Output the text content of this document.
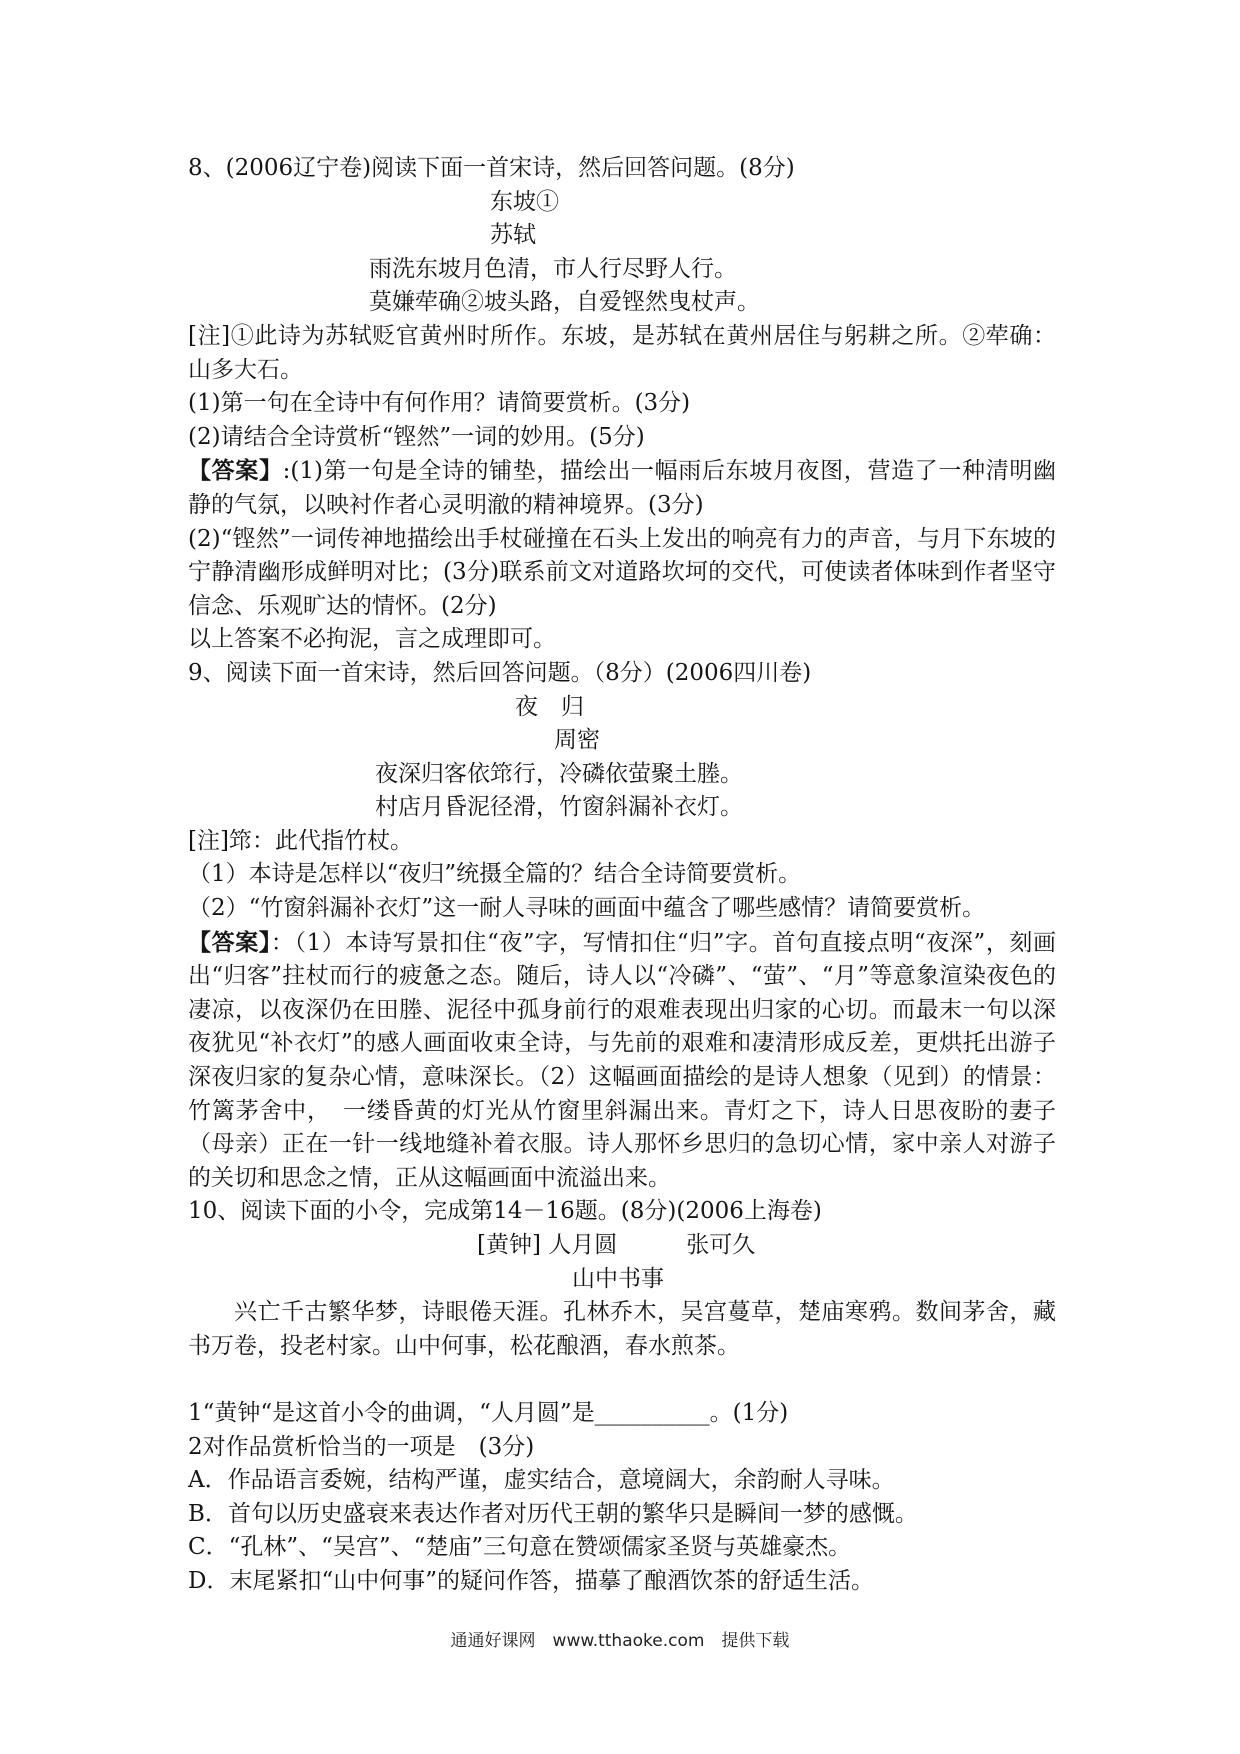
8、(2006辽宁卷)阅读下面一首宋诗，然后回答问题。(8分)
东坡①
苏轼
雨洗东坡月色清，市人行尽野人行。
莫嫌荦确②坡头路，自爱铿然曳杖声。
[注]①此诗为苏轼贬官黄州时所作。东坡，是苏轼在黄州居住与躬耕之所。②荦确：山多大石。
(1)第一句在全诗中有何作用？请简要赏析。(3分)
(2)请结合全诗赏析“铿然”一词的妙用。(5分)
【答案】:(1)第一句是全诗的铺垫，描绘出一幅雨后东坡月夜图，营造了一种清明幽静的气氛，以映衬作者心灵明澈的精神境界。(3分)
(2)“铿然”一词传神地描绘出手杖碰撞在石头上发出的响亮有力的声音，与月下东坡的宁静清幽形成鲜明对比；(3分)联系前文对道路坎坷的交代，可使读者体味到作者坚守信念、乐观旷达的情怀。(2分)
以上答案不必拘泥，言之成理即可。
9、阅读下面一首宋诗，然后回答问题。（8分）(2006四川卷)
夜　归
周密
夜深归客依筇行，冷磷依萤聚土塍。
村店月昏泥径滑，竹窗斜漏补衣灯。
[注]筇：此代指竹杖。
（1）本诗是怎样以“夜归”统摄全篇的？结合全诗简要赏析。
（2）“竹窗斜漏补衣灯”这一耐人寻味的画面中蕴含了哪些感情？请简要赏析。
【答案】：（1）本诗写景扣住“夜”字，写情扣住“归”字。首句直接点明“夜深”，刻画出“归客”拄杖而行的疲惫之态。随后，诗人以“冷磷”、“萤”、“月”等意象渲染夜色的凄凉，以夜深仍在田塍、泥径中孤身前行的艰难表现出归家的心切。而最末一句以深夜犹见“补衣灯”的感人画面收束全诗，与先前的艰难和凄清形成反差，更烘托出游子深夜归家的复杂心情，意味深长。（2）这幅画面描绘的是诗人想象（见到）的情景：竹篱茅舍中，　一缕昏黄的灯光从竹窗里斜漏出来。青灯之下，诗人日思夜盼的妻子（母亲）正在一针一线地缝补着衣服。诗人那怀乡思归的急切心情，家中亲人对游子的关切和思念之情，正从这幅画面中流溢出来。
10、阅读下面的小令，完成第14－16题。(8分)(2006上海卷)
[黄钟] 人月圆　　　张可久
山中书事
兴亡千古繁华梦，诗眼倦天涯。孔林乔木，吴宫蔓草，楚庙寒鸦。数间茅舍，藏书万卷，投老村家。山中何事，松花酿酒，春水煎茶。
1“黄钟“是这首小令的曲调，“人月圆”是__________。(1分)
2对作品赏析恰当的一项是　(3分)
A．作品语言委婉，结构严谨，虚实结合，意境阔大，余韵耐人寻味。
B．首句以历史盛衰来表达作者对历代王朝的繁华只是瞬间一梦的感慨。
C．“孔林”、“吴宫”、“楚庙”三句意在赞颂儒家圣贤与英雄豪杰。
D．末尾紧扣“山中何事”的疑问作答，描摹了酿酒饮茶的舒适生活。
通通好课网　www.tthaoke.com　提供下载
